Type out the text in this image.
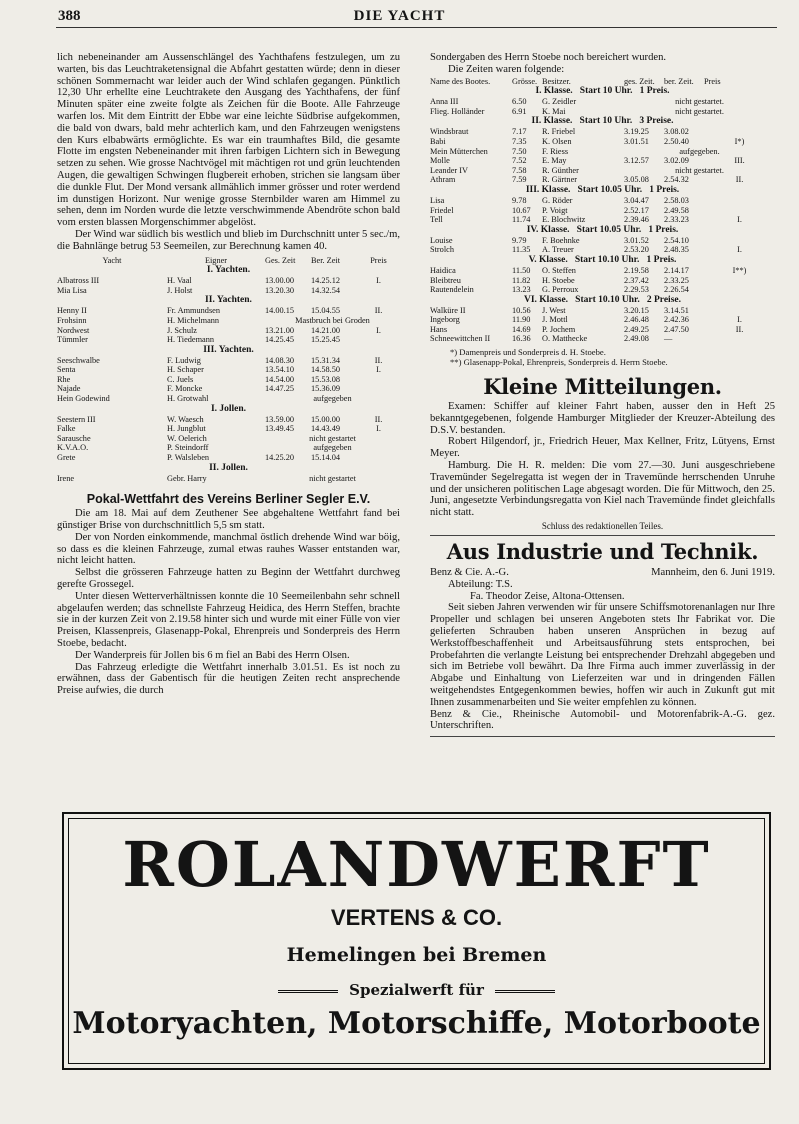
388	DIE YACHT

lich nebeneinander am Aussenschlängel des Yachthafens festzulegen, um zu warten, bis das Leuchtraketensignal die Abfahrt gestatten würde; denn in dieser schönen Sommernacht war leider auch der Wind schlafen gegangen. Pünktlich 12,30 Uhr erhellte eine Leuchtrakete den Ausgang des Yachthafens, der fünf Minuten später eine zweite folgte als Zeichen für die Boote. Alle Fahrzeuge warfen los. Mit dem Eintritt der Ebbe war eine leichte Südbrise aufgekommen, die bald von dwars, bald mehr achterlich kam, und den Fahrzeugen wenigstens den Kurs elbabwärts ermöglichte. Es war ein traumhaftes Bild, die gesamte Flotte im engsten Nebeneinander mit ihren farbigen Lichtern sich in Bewegung setzen zu sehen. Wie grosse Nachtvögel mit mächtigen rot und grün leuchtenden Augen, die gewaltigen Schwingen flugbereit erhoben, strichen sie langsam über die dunkle Flut. Der Mond versank allmählich immer grösser und roter werdend im dunstigen Horizont. Nur wenige grosse Sternbilder waren am Himmel zu sehen, denn im Norden wurde die letzte verschwimmende Abendröte schon bald vom ersten blassen Morgenschimmer abgelöst.

Der Wind war südlich bis westlich und blieb im Durchschnitt unter 5 sec./m, die Bahnlänge betrug 53 Seemeilen, zur Berechnung kamen 40.

Yacht	Eigner	Ges. Zeit	Ber. Zeit	Preis
I. Yachten.				
Albatross III	H. Vaal	13.00.00	14.25.12	I.
Mia Lisa	J. Holst	13.20.30	14.32.54	
II. Yachten.				
Henny II	Fr. Ammundsen	14.00.15	15.04.55	II.
Frohsinn	H. Michelmann	Mastbruch bei Groden		
Nordwest	J. Schulz	13.21.00	14.21.00	I.
Tümmler	H. Tiedemann	14.25.45	15.25.45	
III. Yachten.				
Seeschwalbe	F. Ludwig	14.08.30	15.31.34	II.
Senta	H. Schaper	13.54.10	14.58.50	I.
Rhe	C. Juels	14.54.00	15.53.08	
Najade	F. Moncke	14.47.25	15.36.09	
Hein Godewind	H. Grotwahl	aufgegeben		
I. Jollen.				
Seestern III	W. Waesch	13.59.00	15.00.00	II.
Falke	H. Jungblut	13.49.45	14.43.49	I.
Sarausche	W. Oelerich	nicht gestartet		
K.V.A.O.	P. Steindorff	aufgegeben		
Grete	P. Walsleben	14.25.20	15.14.04	
II. Jollen.				
Irene	Gebr. Harry	nicht gestartet		
Pokal-Wettfahrt des Vereins Berliner Segler E.V.

Die am 18. Mai auf dem Zeuthener See abgehaltene Wettfahrt fand bei günstiger Brise von durchschnittlich 5,5 sm statt.

Der von Norden einkommende, manchmal östlich drehende Wind war böig, so dass es die kleinen Fahrzeuge, zumal etwas rauhes Wasser entstanden war, nicht leicht hatten.

Selbst die grösseren Fahrzeuge hatten zu Beginn der Wettfahrt durchweg gerefte Grossegel.

Unter diesen Wetterverhältnissen konnte die 10 Seemeilenbahn sehr schnell abgelaufen werden; das schnellste Fahrzeug Heidica, des Herrn Steffen, brachte sie in der kurzen Zeit von 2.19.58 hinter sich und wurde mit einer Fülle von vier Preisen, Klassenpreis, Glasenapp-Pokal, Ehrenpreis und Sonderpreis des Herrn Stoebe, bedacht.

Der Wanderpreis für Jollen bis 6 m fiel an Babi des Herrn Olsen.

Das Fahrzeug erledigte die Wettfahrt innerhalb 3.01.51. Es ist noch zu erwähnen, dass der Gabentisch für die heutigen Zeiten recht ansprechende Preise aufwies, die durch

Sondergaben des Herrn Stoebe noch bereichert wurden.

Die Zeiten waren folgende:

Name des Bootes.	Grösse.	Besitzer.	ges. Zeit.	ber. Zeit.	Preis
I. Klasse.   Start 10 Uhr.   1 Preis.					
Anna III	6.50	G. Zeidler	nicht gestartet.		
Flieg. Holländer	6.91	K. Mai	nicht gestartet.		
II. Klasse.   Start 10 Uhr.   3 Preise.					
Windsbraut	7.17	R. Friebel	3.19.25	3.08.02	
Babi	7.35	K. Olsen	3.01.51	2.50.40	I*)
Mein Mütterchen	7.50	F. Riess	aufgegeben.		
Molle	7.52	E. May	3.12.57	3.02.09	III.
Leander IV	7.58	R. Günther	nicht gestartet.		
Athram	7.59	R. Gärtner	3.05.08	2.54.32	II.
III. Klasse.   Start 10.05 Uhr.   1 Preis.					
Lisa	9.78	G. Röder	3.04.47	2.58.03	
Friedel	10.67	P. Voigt	2.52.17	2.49.58	
Tell	11.74	E. Blochwitz	2.39.46	2.33.23	I.
IV. Klasse.   Start 10.05 Uhr.   1 Preis.					
Louise	9.79	F. Boehnke	3.01.52	2.54.10	
Strolch	11.35	A. Treuer	2.53.20	2.48.35	I.
V. Klasse.   Start 10.10 Uhr.   1 Preis.					
Haidica	11.50	O. Steffen	2.19.58	2.14.17	I**)
Bleibtreu	11.82	H. Stoebe	2.37.42	2.33.25	
Rautendelein	13.23	G. Perroux	2.29.53	2.26.54	
VI. Klasse.   Start 10.10 Uhr.   2 Preise.					
Walküre II	10.56	J. West	3.20.15	3.14.51	
Ingeborg	11.90	J. Mottl	2.46.48	2.42.36	I.
Hans	14.69	P. Jochem	2.49.25	2.47.50	II.
Schneewittchen II	16.36	O. Matthecke	2.49.08	—	
*) Damenpreis und Sonderpreis d. H. Stoebe.
**) Glasenapp-Pokal, Ehrenpreis, Sonderpreis d. Herrn Stoebe.
Kleine Mitteilungen.

Examen: Schiffer auf kleiner Fahrt haben, ausser den in Heft 25 bekanntgegebenen, folgende Hamburger Mitglieder der Kreuzer-Abteilung des D.S.V. bestanden.

Robert Hilgendorf, jr., Friedrich Heuer, Max Kellner, Fritz, Lütyens, Ernst Meyer.

Hamburg. Die H. R. melden: Die vom 27.—30. Juni ausgeschriebene Travemünder Segelregatta ist wegen der in Travemünde herrschenden Unruhe und der unsicheren politischen Lage abgesagt worden. Die für Mittwoch, den 25. Juni, angesetzte Verbindungsregatta von Kiel nach Travemünde findet gleichfalls nicht statt.

Schluss des redaktionellen Teiles.
Aus Industrie und Technik.
Benz & Cie. A.-G.	Mannheim, den 6. Juni 1919.

Abteilung: T.S.

Fa. Theodor Zeise, Altona-Ottensen.

Seit sieben Jahren verwenden wir für unsere Schiffsmotorenanlagen nur Ihre Propeller und schlagen bei unseren Angeboten stets Ihr Fabrikat vor. Die gelieferten Schrauben haben unseren Ansprüchen in bezug auf Werkstoffbeschaffenheit und Arbeitsausführung stets entsprochen, bei Probefahrten die verlangte Leistung bei entsprechender Drehzahl abgegeben und sich im Betriebe voll bewährt. Da Ihre Firma auch immer zuverlässig in der Abgabe und Einhaltung von Lieferzeiten war und in dringenden Fällen weitgehendstes Entgegenkommen bewies, hoffen wir auch in Zukunft gut mit Ihnen zusammenarbeiten und Sie weiter empfehlen zu können.

Benz & Cie., Rheinische Automobil- und Motorenfabrik-A.-G. gez. Unterschriften.

ROLANDWERFT
VERTENS & CO.
Hemelingen bei Bremen
Spezialwerft für
Motoryachten, Motorschiffe, Motorboote
